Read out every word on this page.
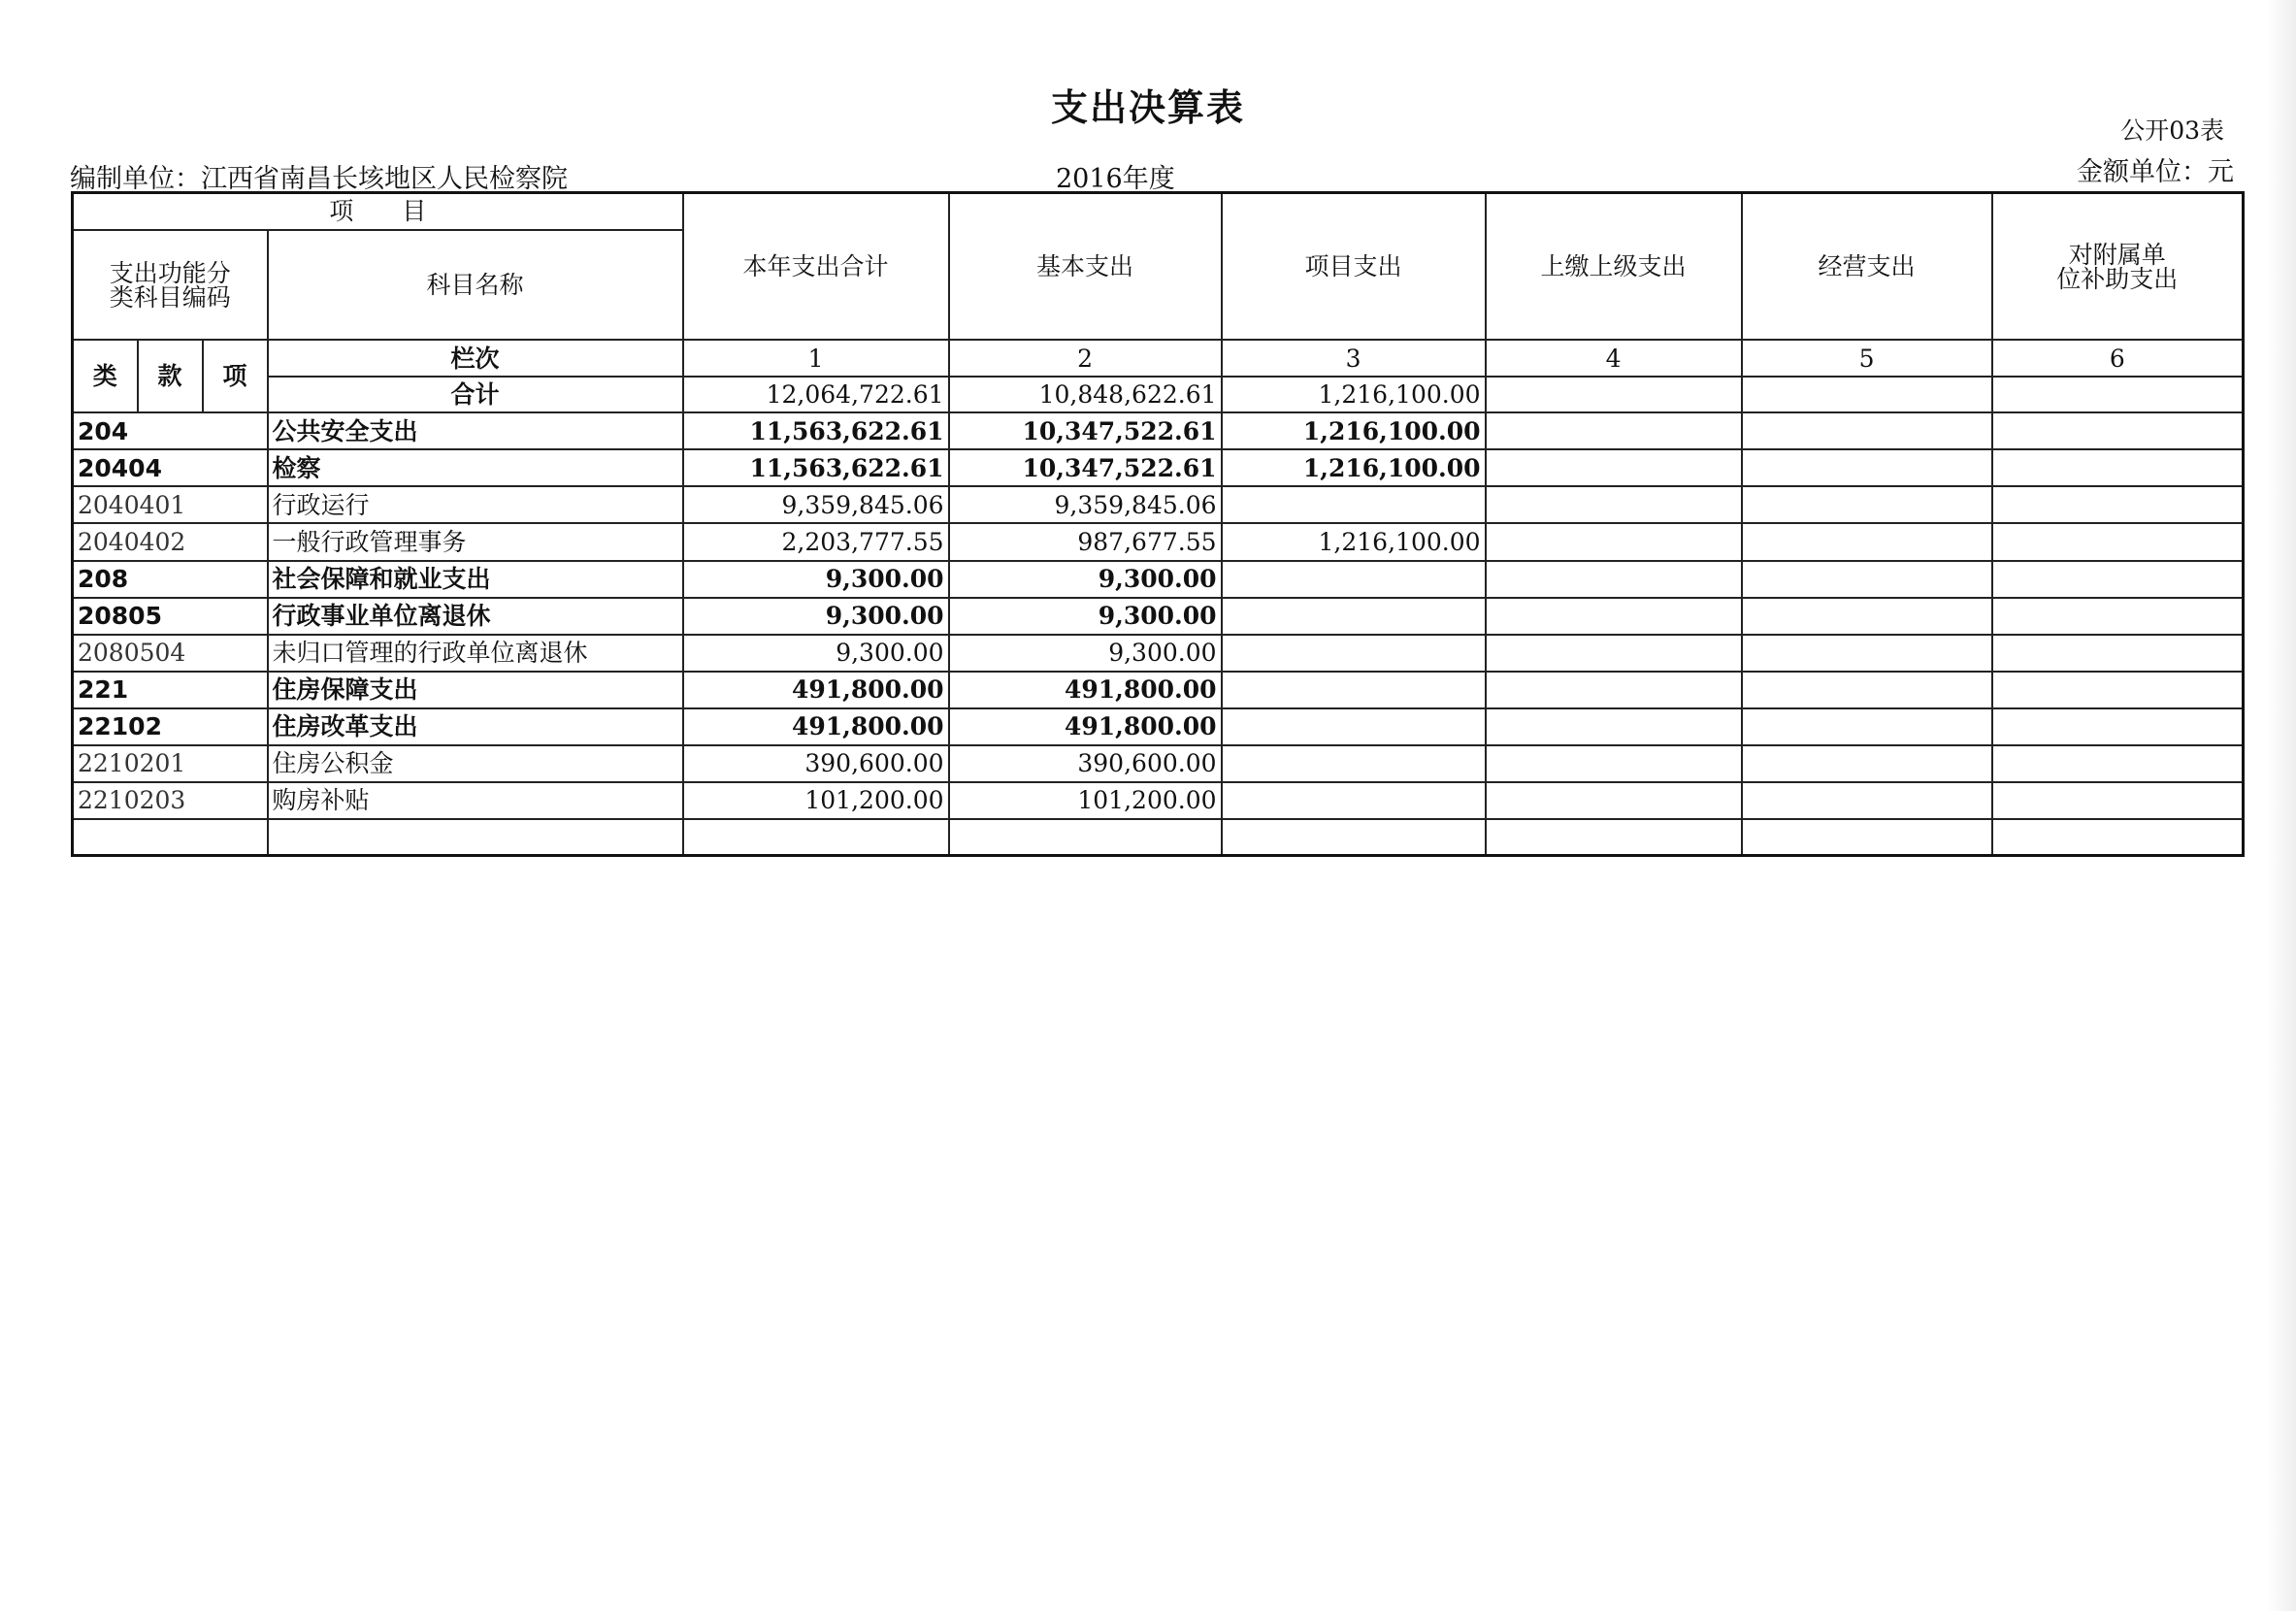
支出决算表
公开03表
编制单位：江西省南昌长垓地区人民检察院	2016年度	金额单位：元
项　　目				本年支出合计	基本支出	项目支出	上缴上级支出	经营支出	对附属单
位补助支出

支出功能分
类科目编码			科目名称						
类	款	项	栏次	1	2	3	4	5	6
			合计	12,064,722.61	10,848,622.61	1,216,100.00			
204			公共安全支出	11,563,622.61	10,347,522.61	1,216,100.00			
20404			检察	11,563,622.61	10,347,522.61	1,216,100.00			
2040401			行政运行	9,359,845.06	9,359,845.06				
2040402			一般行政管理事务	2,203,777.55	987,677.55	1,216,100.00			
208			社会保障和就业支出	9,300.00	9,300.00				
20805			行政事业单位离退休	9,300.00	9,300.00				
2080504			未归口管理的行政单位离退休	9,300.00	9,300.00				
221			住房保障支出	491,800.00	491,800.00				
22102			住房改革支出	491,800.00	491,800.00				
2210201			住房公积金	390,600.00	390,600.00				
2210203			购房补贴	101,200.00	101,200.00				
